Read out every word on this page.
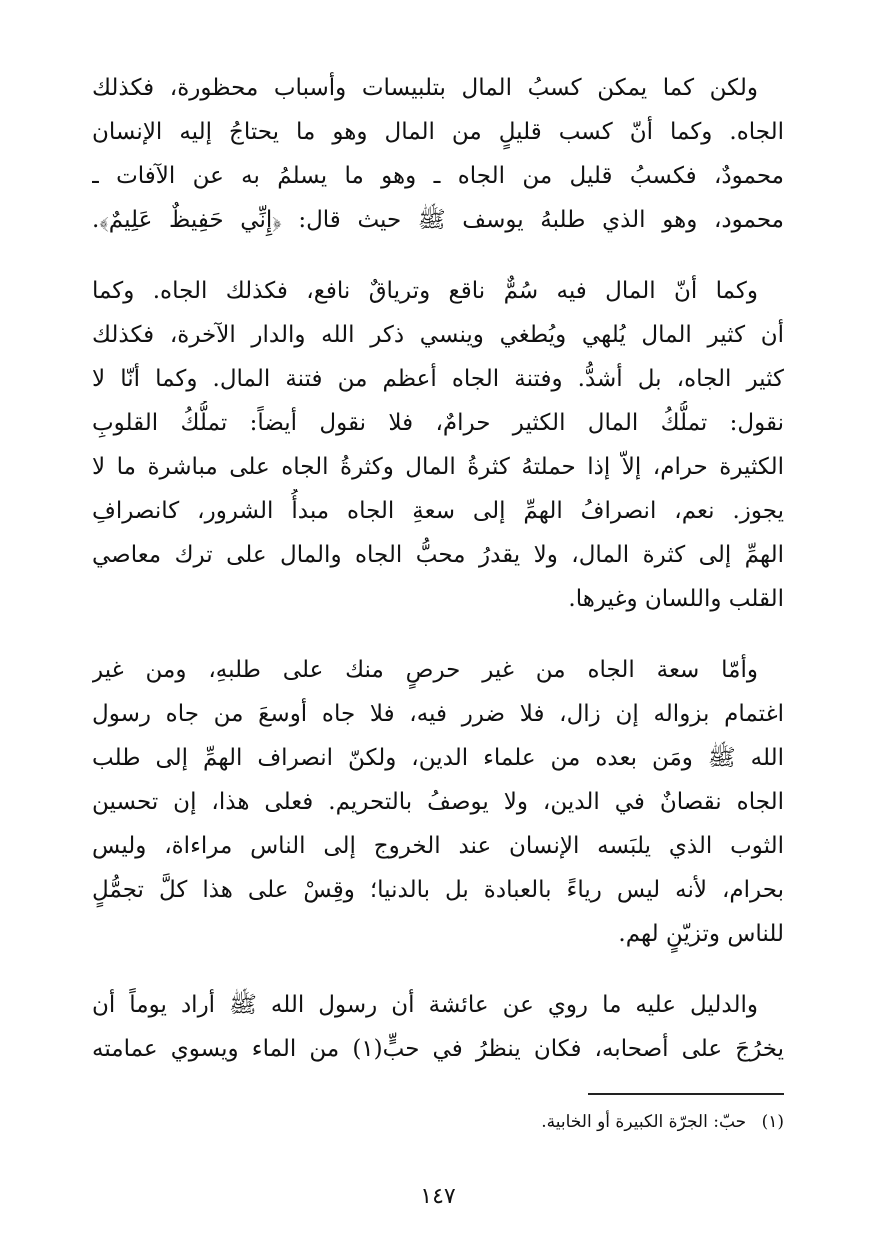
ولكن كما يمكن كسبُ المال بتلبيسات وأسباب محظورة، فكذلك
الجاه. وكما أنّ كسب قليلٍ من المال وهو ما يحتاجُ إليه الإنسان
محمودٌ، فكسبُ قليل من الجاه ـ وهو ما يسلمُ به عن الآفات ـ
محمود، وهو الذي طلبهُ يوسف ﷺ حيث قال: ﴿إِنِّي حَفِيظٌ عَلِيمٌ﴾.
وكما أنّ المال فيه سُمٌّ ناقع وترياقٌ نافع، فكذلك الجاه. وكما
أن كثير المال يُلهي ويُطغي وينسي ذكر الله والدار الآخرة، فكذلك
كثير الجاه، بل أشدُّ. وفتنة الجاه أعظم من فتنة المال. وكما أنّا لا
نقول: تملُّكُ المال الكثير حرامٌ، فلا نقول أيضاً: تملُّكُ القلوبِ
الكثيرة حرام، إلاّ إذا حملتهُ كثرةُ المال وكثرةُ الجاه على مباشرة ما لا
يجوز. نعم، انصرافُ الهمِّ إلى سعةِ الجاه مبدأُ الشرور، كانصرافِ
الهمِّ إلى كثرة المال، ولا يقدرُ محبُّ الجاه والمال على ترك معاصي
القلب واللسان وغيرها.
وأمّا سعة الجاه من غير حرصٍ منك على طلبهِ، ومن غير
اغتمام بزواله إن زال، فلا ضرر فيه، فلا جاه أوسعَ من جاه رسول
الله ﷺ ومَن بعده من علماء الدين، ولكنّ انصراف الهمِّ إلى طلب
الجاه نقصانٌ في الدين، ولا يوصفُ بالتحريم. فعلى هذا، إن تحسين
الثوب الذي يلبَسه الإنسان عند الخروج إلى الناس مراءاة، وليس
بحرام، لأنه ليس رياءً بالعبادة بل بالدنيا؛ وقِسْ على هذا كلَّ تجمُّلٍ
للناس وتزيّنٍ لهم.
والدليل عليه ما روي عن عائشة أن رسول الله ﷺ أراد يوماً أن
يخرُجَ على أصحابه، فكان ينظرُ في حبٍّ(١) من الماء ويسوي عمامته
(١) حبّ: الجرّة الكبيرة أو الخابية.
١٤٧
